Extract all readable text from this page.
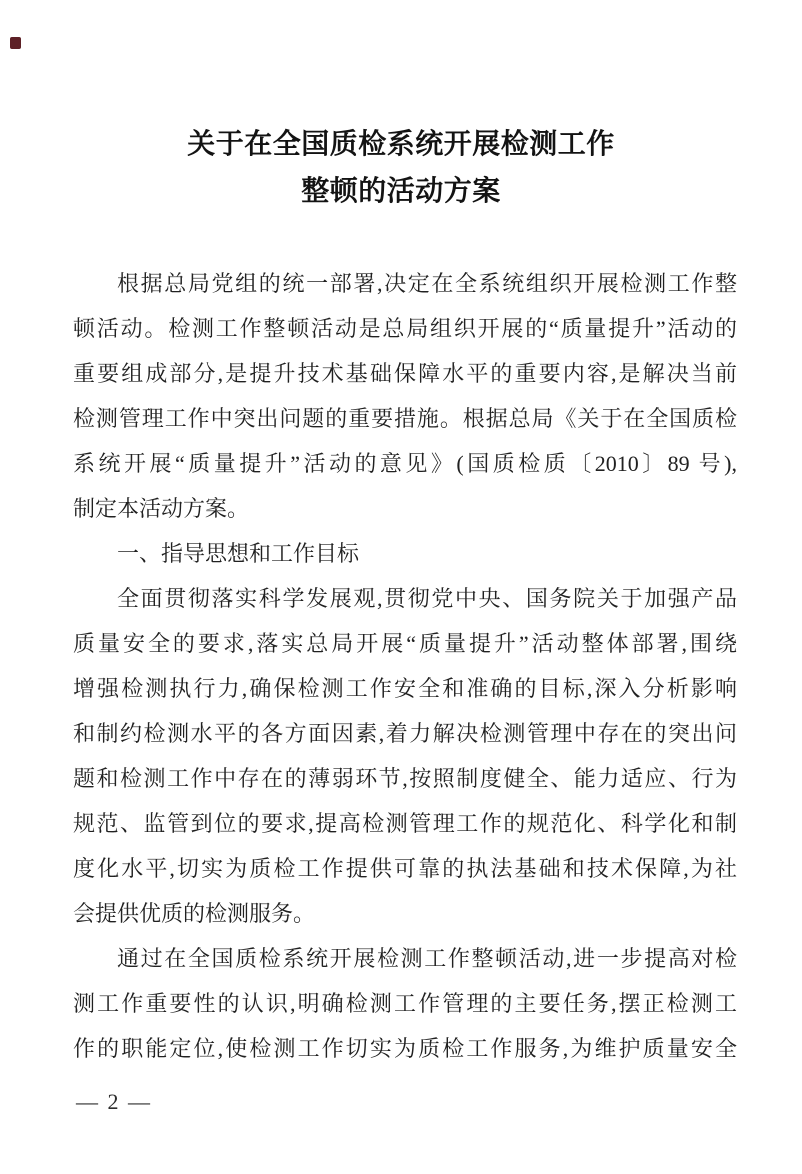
关于在全国质检系统开展检测工作
整顿的活动方案
根据总局党组的统一部署,决定在全系统组织开展检测工作整
顿活动。检测工作整顿活动是总局组织开展的“质量提升”活动的
重要组成部分,是提升技术基础保障水平的重要内容,是解决当前
检测管理工作中突出问题的重要措施。根据总局《关于在全国质检
系统开展“质量提升”活动的意见》(国质检质〔2010〕89 号),
制定本活动方案。
一、指导思想和工作目标
全面贯彻落实科学发展观,贯彻党中央、国务院关于加强产品
质量安全的要求,落实总局开展“质量提升”活动整体部署,围绕
增强检测执行力,确保检测工作安全和准确的目标,深入分析影响
和制约检测水平的各方面因素,着力解决检测管理中存在的突出问
题和检测工作中存在的薄弱环节,按照制度健全、能力适应、行为
规范、监管到位的要求,提高检测管理工作的规范化、科学化和制
度化水平,切实为质检工作提供可靠的执法基础和技术保障,为社
会提供优质的检测服务。
通过在全国质检系统开展检测工作整顿活动,进一步提高对检
测工作重要性的认识,明确检测工作管理的主要任务,摆正检测工
作的职能定位,使检测工作切实为质检工作服务,为维护质量安全
— 2 —
